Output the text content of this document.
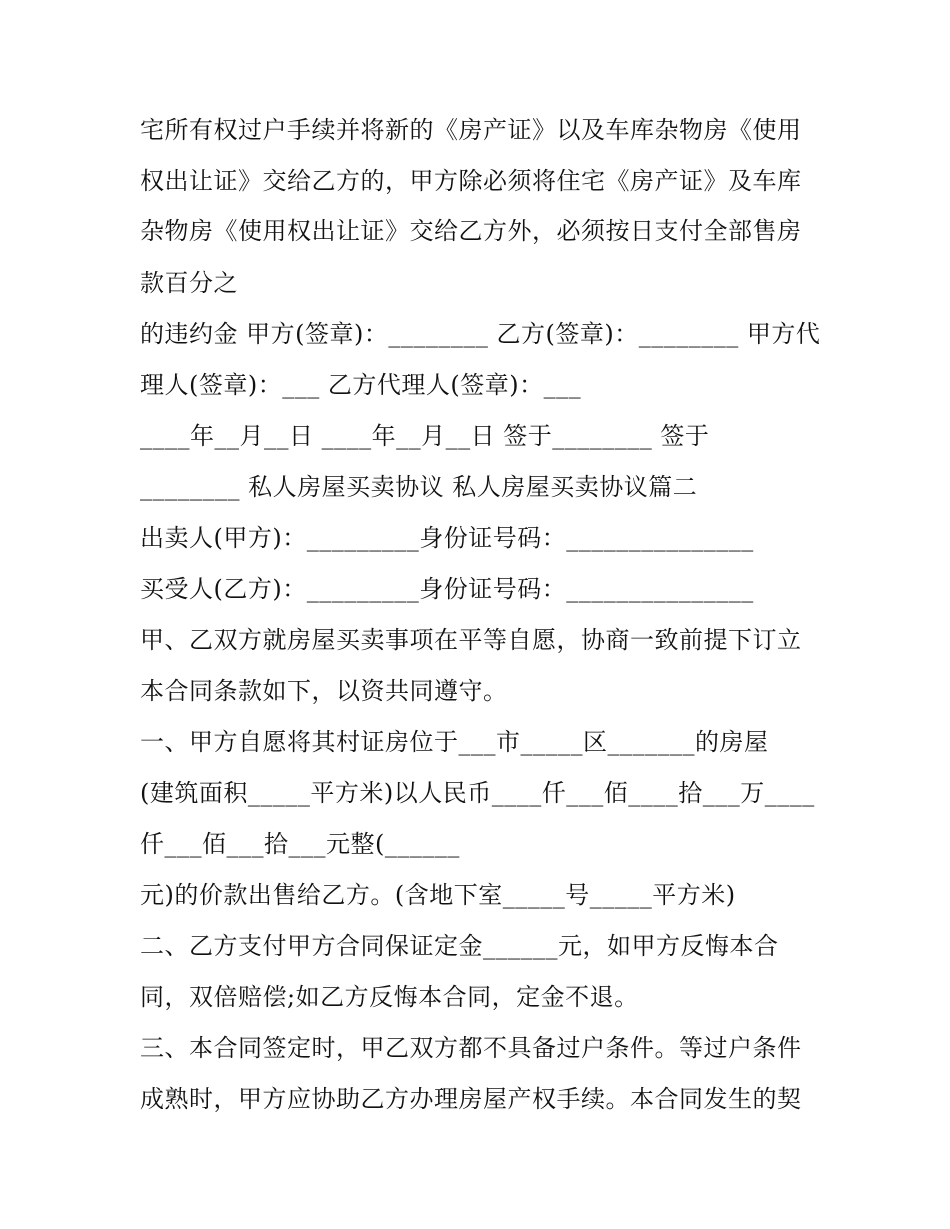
宅所有权过户手续并将新的《房产证》以及车库杂物房《使用
权出让证》交给乙方的，甲方除必须将住宅《房产证》及车库
杂物房《使用权出让证》交给乙方外，必须按日支付全部售房
款百分之
的违约金 甲方(签章)：________ 乙方(签章)：________ 甲方代
理人(签章)：___ 乙方代理人(签章)：___
____年__月__日 ____年__月__日 签于________ 签于
________ 私人房屋买卖协议 私人房屋买卖协议篇二
出卖人(甲方)：_________身份证号码：_______________
买受人(乙方)：_________身份证号码：_______________
甲、乙双方就房屋买卖事项在平等自愿，协商一致前提下订立
本合同条款如下，以资共同遵守。
一、甲方自愿将其村证房位于___市_____区_______的房屋
(建筑面积_____平方米)以人民币____仟___佰____拾___万____
仟___佰___拾___元整(______
元)的价款出售给乙方。(含地下室_____号_____平方米)
二、乙方支付甲方合同保证定金______元，如甲方反悔本合
同，双倍赔偿;如乙方反悔本合同，定金不退。
三、本合同签定时，甲乙双方都不具备过户条件。等过户条件
成熟时，甲方应协助乙方办理房屋产权手续。本合同发生的契
